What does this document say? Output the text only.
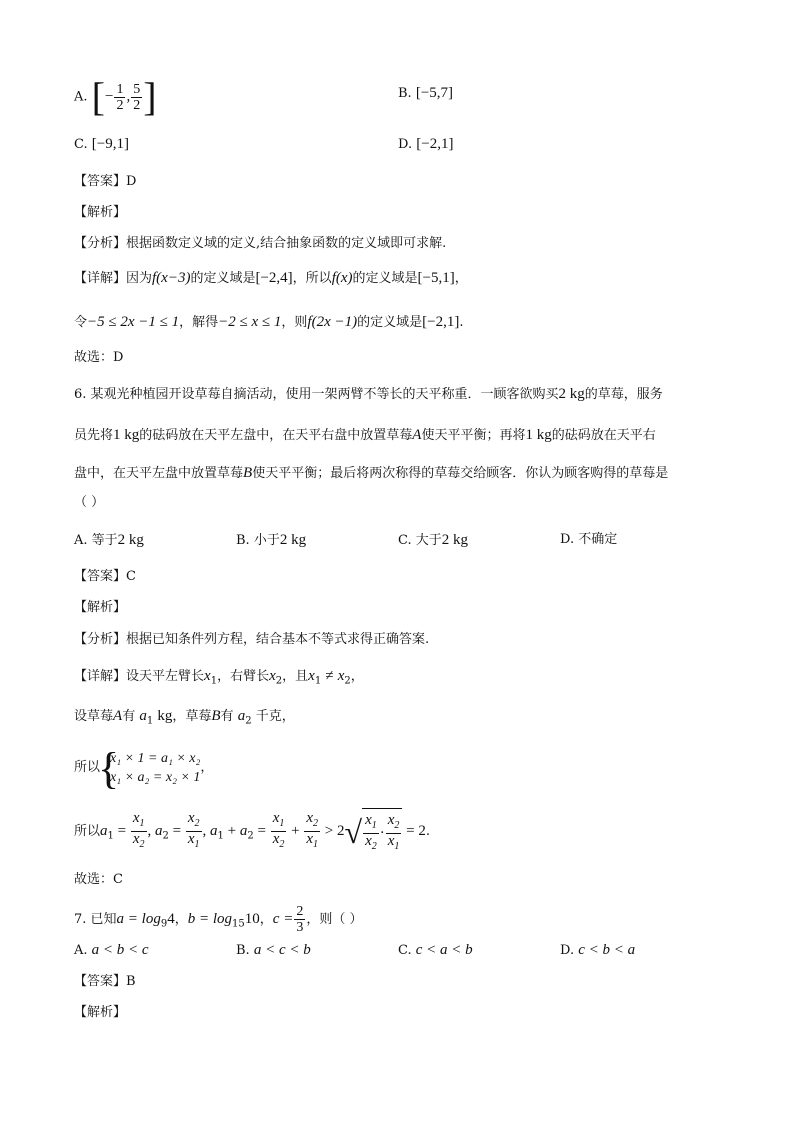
A. [− $\frac{1}{2}$ , $\frac{5}{2}$ ]	B. [−5,7]
C. [−9,1]	D. [−2,1]
【答案】D
【解析】
【分析】根据函数定义域的定义,结合抽象函数的定义域即可求解.
【详解】因为f(x−3)的定义域是[−2,4]，所以f(x)的定义域是[−5,1]，
令−5 ≤ 2x −1 ≤ 1，解得−2 ≤ x ≤ 1，则f(2x −1)的定义域是[−2,1].
故选：D
6. 某观光种植园开设草莓自摘活动，使用一架两臂不等长的天平称重．一顾客欲购买2 kg的草莓，服务
员先将1 kg的砝码放在天平左盘中，在天平右盘中放置草莓A使天平平衡；再将1 kg的砝码放在天平右
盘中，在天平左盘中放置草莓B使天平平衡；最后将两次称得的草莓交给顾客．你认为顾客购得的草莓是
（ ）
A. 等于2 kg	B. 小于2 kg	C. 大于2 kg	D. 不确定
【答案】C
【解析】
【分析】根据已知条件列方程，结合基本不等式求得正确答案.
【详解】设天平左臂长$x_1$，右臂长$x_2$，且$x_1 \ne x_2$，
设草莓A有 $a_1$ kg，草莓B有 $a_2$ 千克，
所以
{
x₁ × 1 = a₁ × x₂
x₁ × a₂ = x₂ × 1
，
所以$a_1 = \frac{x_1}{x_2}$ , $a_2 = \frac{x_2}{x_1}$ , $a_1 + a_2 = \frac{x_1}{x_2} + \frac{x_2}{x_1} > 2$ √ $\frac{x_1}{x_2} \cdot \frac{x_2}{x_1} = 2$.
故选：C
7. 已知$a = \log_94$，$b = \log_{15}10$，$c = \frac{2}{3}$ ，则（ ）
A. a < b < c	B. a < c < b	C. c < a < b	D. c < b < a
【答案】B
【解析】
